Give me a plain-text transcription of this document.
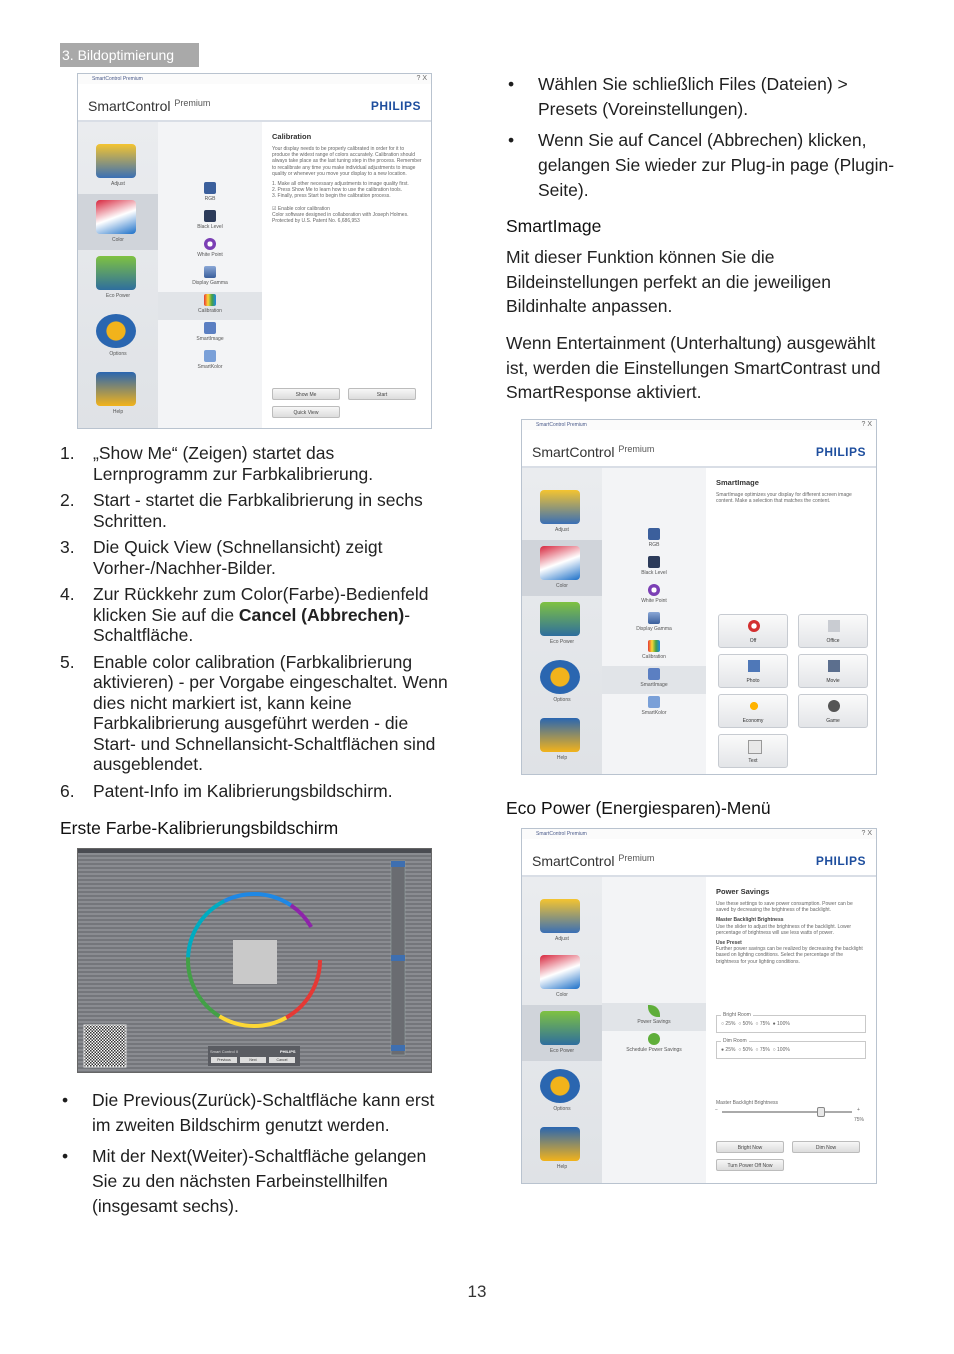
3. Bildoptimierung
SmartControl Premium	? X
SmartControl $^{Premium}$	PHILIPS
Adjust
Color
Eco Power
Options
Help
RGB
Black Level
White Point
Display Gamma
Calibration
SmartImage
SmartKolor
Calibration
Your display needs to be properly calibrated in order for it to produce the widest range of colors accurately. Calibration should always take place as the last tuning step in the process. Remember to recalibrate any time you make individual adjustments to image quality or whenever you move your display to a new location.
1. Make all other necessary adjustments to image quality first.
2. Press Show Me to learn how to use the calibration tools.
3. Finally, press Start to begin the calibration process.
☑ Enable color calibration
Color software designed in collaboration with Joseph Holmes.
Protected by U.S. Patent No. 6,686,953
Show Me	Start
Quick View
1. „Show Me“ (Zeigen) startet das Lernprogramm zur Farbkalibrierung.
2. Start - startet die Farbkalibrierung in sechs Schritten.
3. Die Quick View (Schnellansicht) zeigt Vorher-/Nachher-Bilder.
4. Zur Rückkehr zum Color(Farbe)-Bedienfeld klicken Sie auf die Cancel (Abbrechen)-Schaltfläche.
5. Enable color calibration (Farbkalibrierung aktivieren) - per Vorgabe eingeschaltet. Wenn dies nicht markiert ist, kann keine Farbkalibrierung ausgeführt werden - die Start- und Schnellansicht-Schaltflächen sind ausgeblendet.
6. Patent-Info im Kalibrierungsbildschirm.
Erste Farbe-Kalibrierungsbildschirm
Smart Control II	PHILIPS
Previous	Next	Cancel
• Die Previous(Zurück)-Schaltfläche kann erst im zweiten Bildschirm genutzt werden.
• Mit der Next(Weiter)-Schaltfläche gelangen Sie zu den nächsten Farbeinstellhilfen (insgesamt sechs).
• Wählen Sie schließlich Files (Dateien) > Presets (Voreinstellungen).
• Wenn Sie auf Cancel (Abbrechen) klicken, gelangen Sie wieder zur Plug-in page (Plugin-Seite).
SmartImage
Mit dieser Funktion können Sie die Bildeinstellungen perfekt an die jeweiligen Bildinhalte anpassen.
Wenn Entertainment (Unterhaltung) ausgewählt ist, werden die Einstellungen SmartContrast und SmartResponse aktiviert.
SmartControl Premium	? X
SmartControl $^{Premium}$	PHILIPS
Adjust
Color
Eco Power
Options
Help
RGB
Black Level
White Point
Display Gamma
Calibration
SmartImage
SmartKolor
SmartImage
SmartImage optimizes your display for different screen image content. Make a selection that matches the content.
Off	Office
Photo	Movie
Economy	Game
Text
Eco Power (Energiesparen)-Menü
SmartControl Premium	? X
SmartControl $^{Premium}$	PHILIPS
Adjust
Color
Eco Power
Options
Help
Power Savings
Schedule Power Savings
Power Savings
Use these settings to save power consumption. Power can be saved by decreasing the brightness of the backlight.
Master Backlight Brightness
Use the slider to adjust the brightness of the backlight. Lower percentage of brightness will use less watts of power.
Use Preset
Further power savings can be realized by decreasing the backlight based on lighting conditions. Select the percentage of the brightness for your lighting conditions.
Bright Room
○ 25%  ○ 50%  ○ 75%  ● 100%
Dim Room
● 25%  ○ 50%  ○ 75%  ○ 100%
Master Backlight Brightness
−	+
75%
Bright Now	Dim Now
Turn Power Off Now
13
